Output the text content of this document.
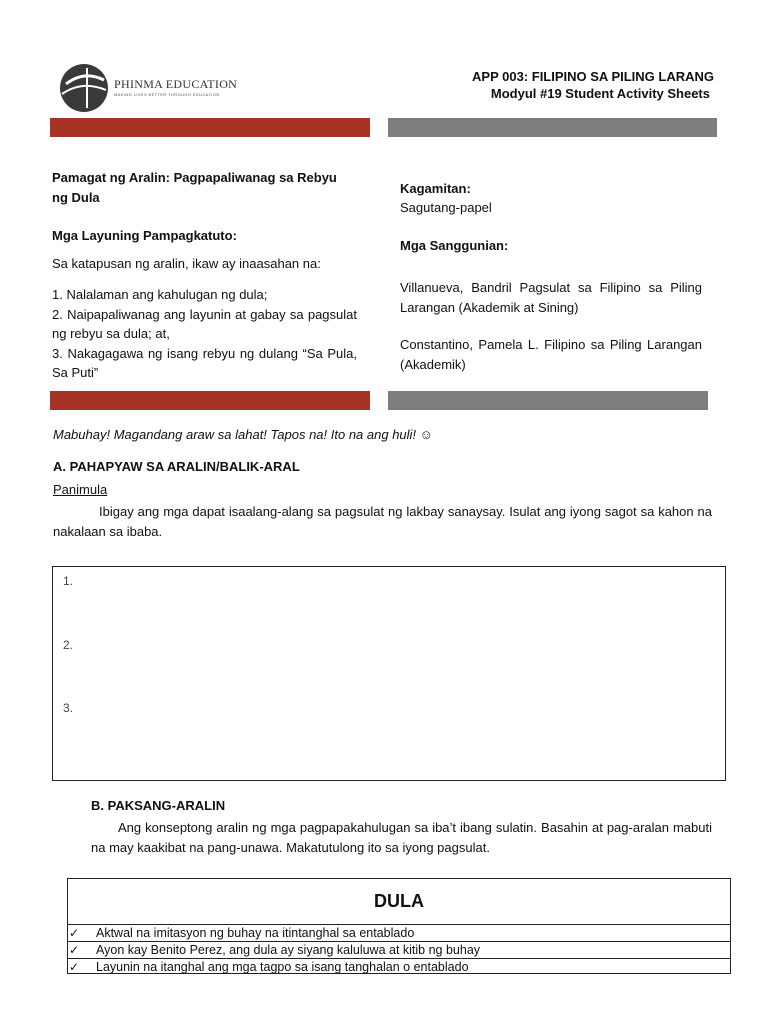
PHINMA EDUCATION
MAKING LIVES BETTER THROUGH EDUCATION
APP 003: FILIPINO SA PILING LARANG
Modyul #19 Student Activity Sheets
Pamagat ng Aralin: Pagpapaliwanag sa Rebyu
ng Dula
Mga Layuning Pampagkatuto:
Sa katapusan ng aralin, ikaw ay inaasahan na:
1. Nalalaman ang kahulugan ng dula;
2. Naipapaliwanag ang layunin at gabay sa pagsulat ng rebyu sa dula; at,
3. Nakagagawa ng isang rebyu ng dulang “Sa Pula, Sa Puti”
Kagamitan:
Sagutang-papel
Mga Sanggunian:
Villanueva, Bandril Pagsulat sa Filipino sa Piling Larangan (Akademik at Sining)
Constantino, Pamela L. Filipino sa Piling Larangan (Akademik)
Mabuhay! Magandang araw sa lahat! Tapos na! Ito na ang huli! ☺
A. PAHAPYAW SA ARALIN/BALIK-ARAL
Panimula
Ibigay ang mga dapat isaalang-alang sa pagsulat ng lakbay sanaysay. Isulat ang iyong sagot sa kahon na nakalaan sa ibaba.
1.
2.
3.
B. PAKSANG-ARALIN
Ang konseptong aralin ng mga pagpapakahulugan sa iba’t ibang sulatin. Basahin at pag-aralan mabuti na may kaakibat na pang-unawa. Makatutulong ito sa iyong pagsulat.
DULA
✓ Aktwal na imitasyon ng buhay na itintanghal sa entablado
✓ Ayon kay Benito Perez, ang dula ay siyang kaluluwa at kitib ng buhay
✓ Layunin na itanghal ang mga tagpo sa isang tanghalan o entablado
